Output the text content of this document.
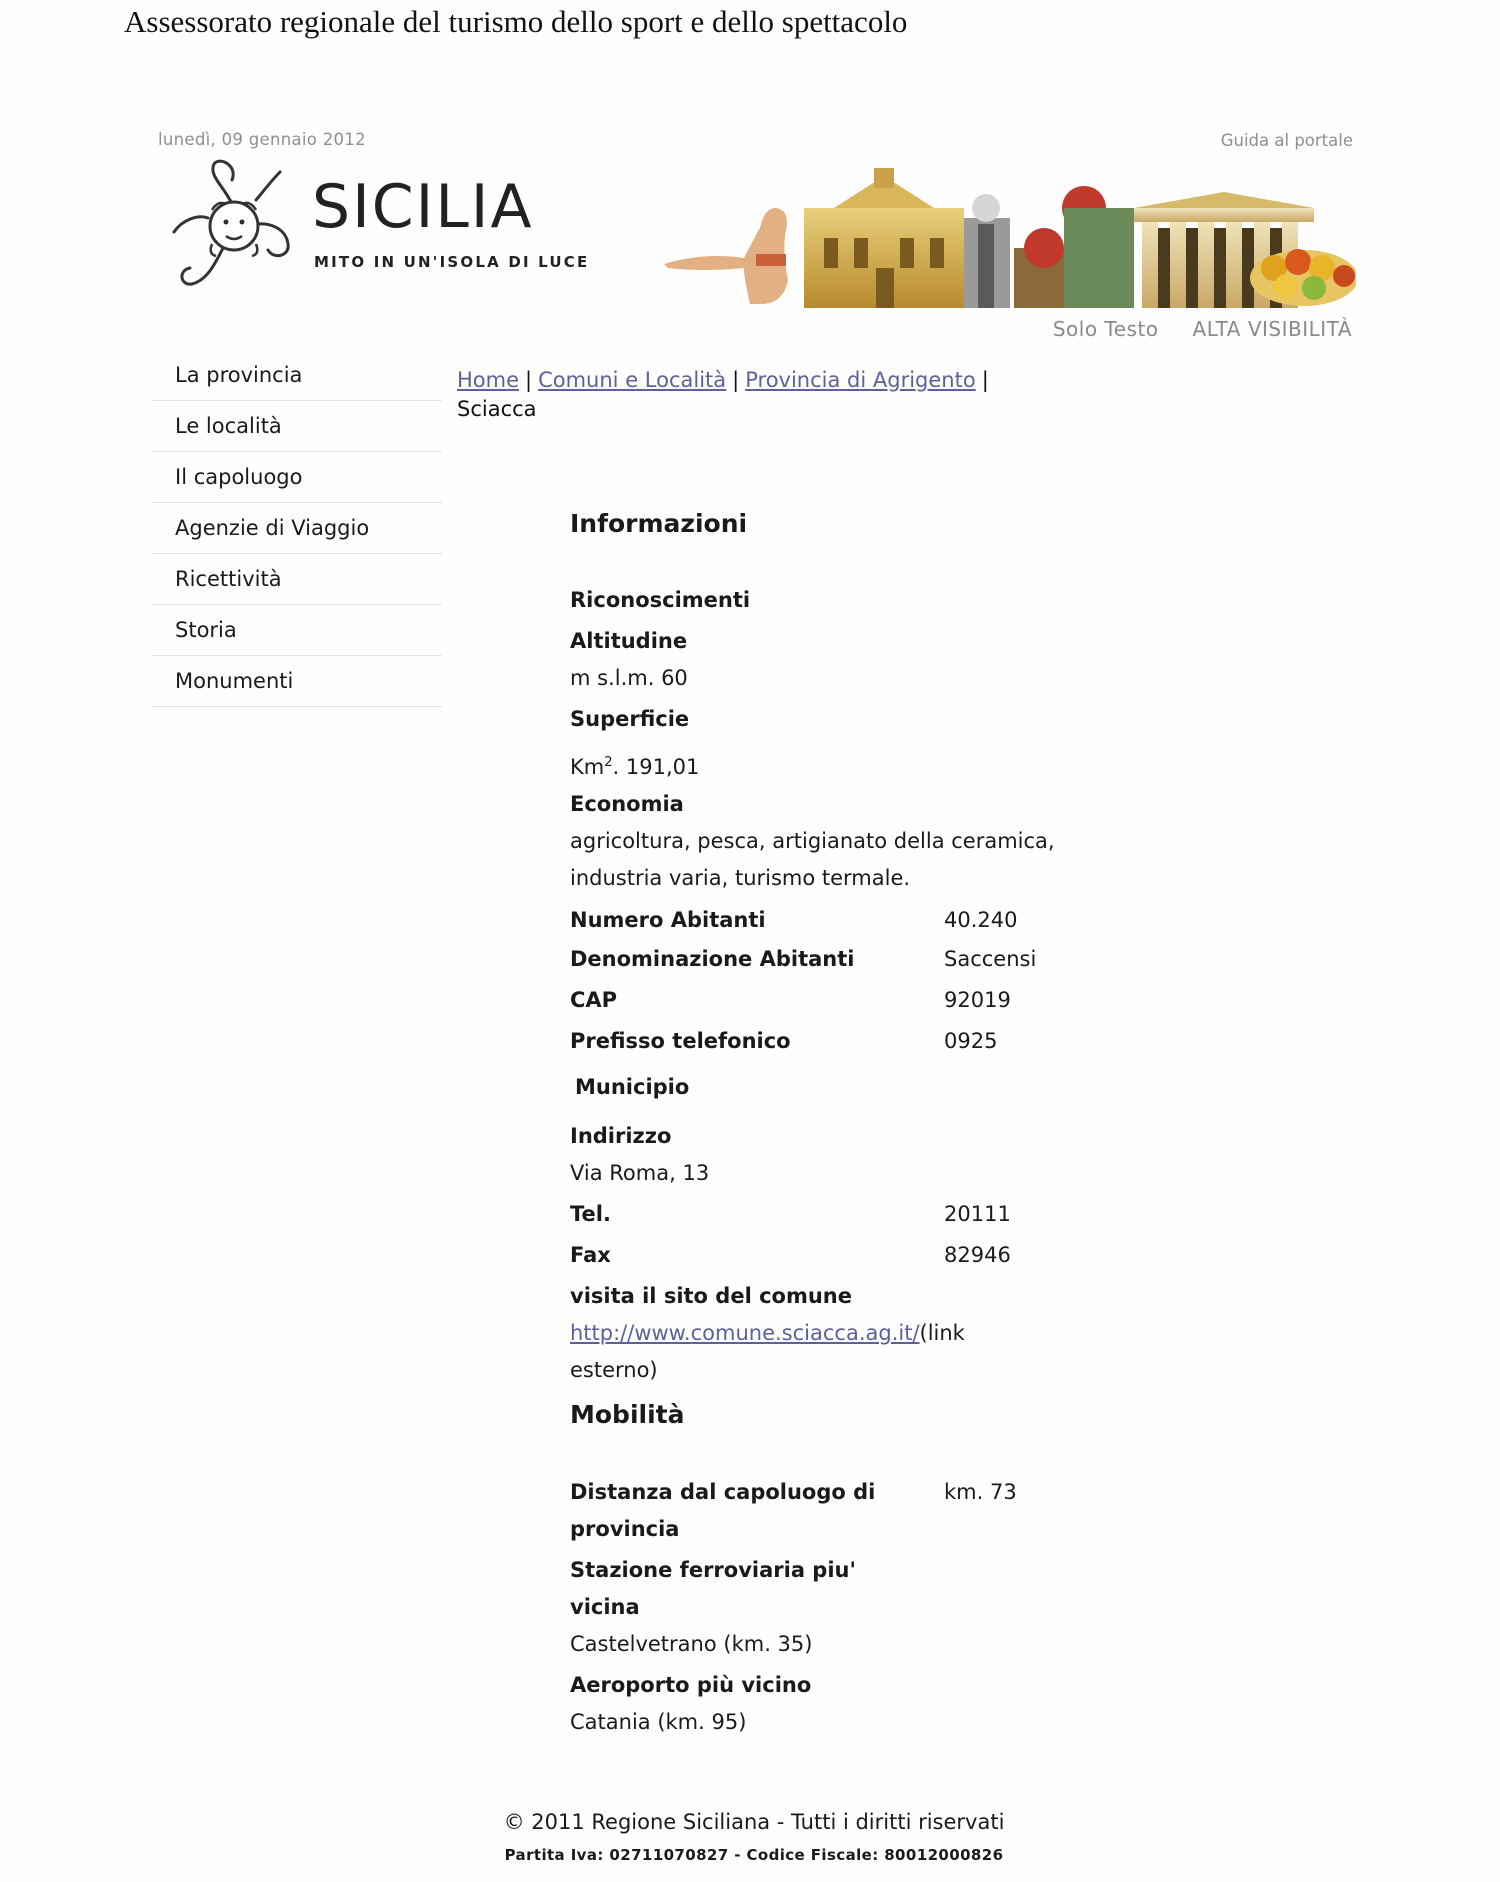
Assessorato regionale del turismo dello sport e dello spettacolo
lunedì, 09 gennaio 2012	Guida al portale
SICILIA
MITO IN UN'ISOLA DI LUCE
Solo Testo ALTA VISIBILITÀ
La provincia
Le località
Il capoluogo
Agenzie di Viaggio
Ricettività
Storia
Monumenti
Home | Comuni e Località | Provincia di Agrigento |
Sciacca
Informazioni
Riconoscimenti
Altitudine
m s.l.m. 60
Superficie
Km$^2$. 191,01
Economia
agricoltura, pesca, artigianato della ceramica, industria varia, turismo termale.
Numero Abitanti	40.240
Denominazione Abitanti	Saccensi
CAP	92019
Prefisso telefonico	0925
Municipio
Indirizzo
Via Roma, 13
Tel.	20111
Fax	82946
visita il sito del comune
http://www.comune.sciacca.ag.it/(link esterno)
Mobilità
Distanza dal capoluogo di provincia
km. 73
Stazione ferroviaria piu' vicina
Castelvetrano (km. 35)
Aeroporto più vicino
Catania (km. 95)
© 2011 Regione Siciliana - Tutti i diritti riservati
Partita Iva: 02711070827 - Codice Fiscale: 80012000826
